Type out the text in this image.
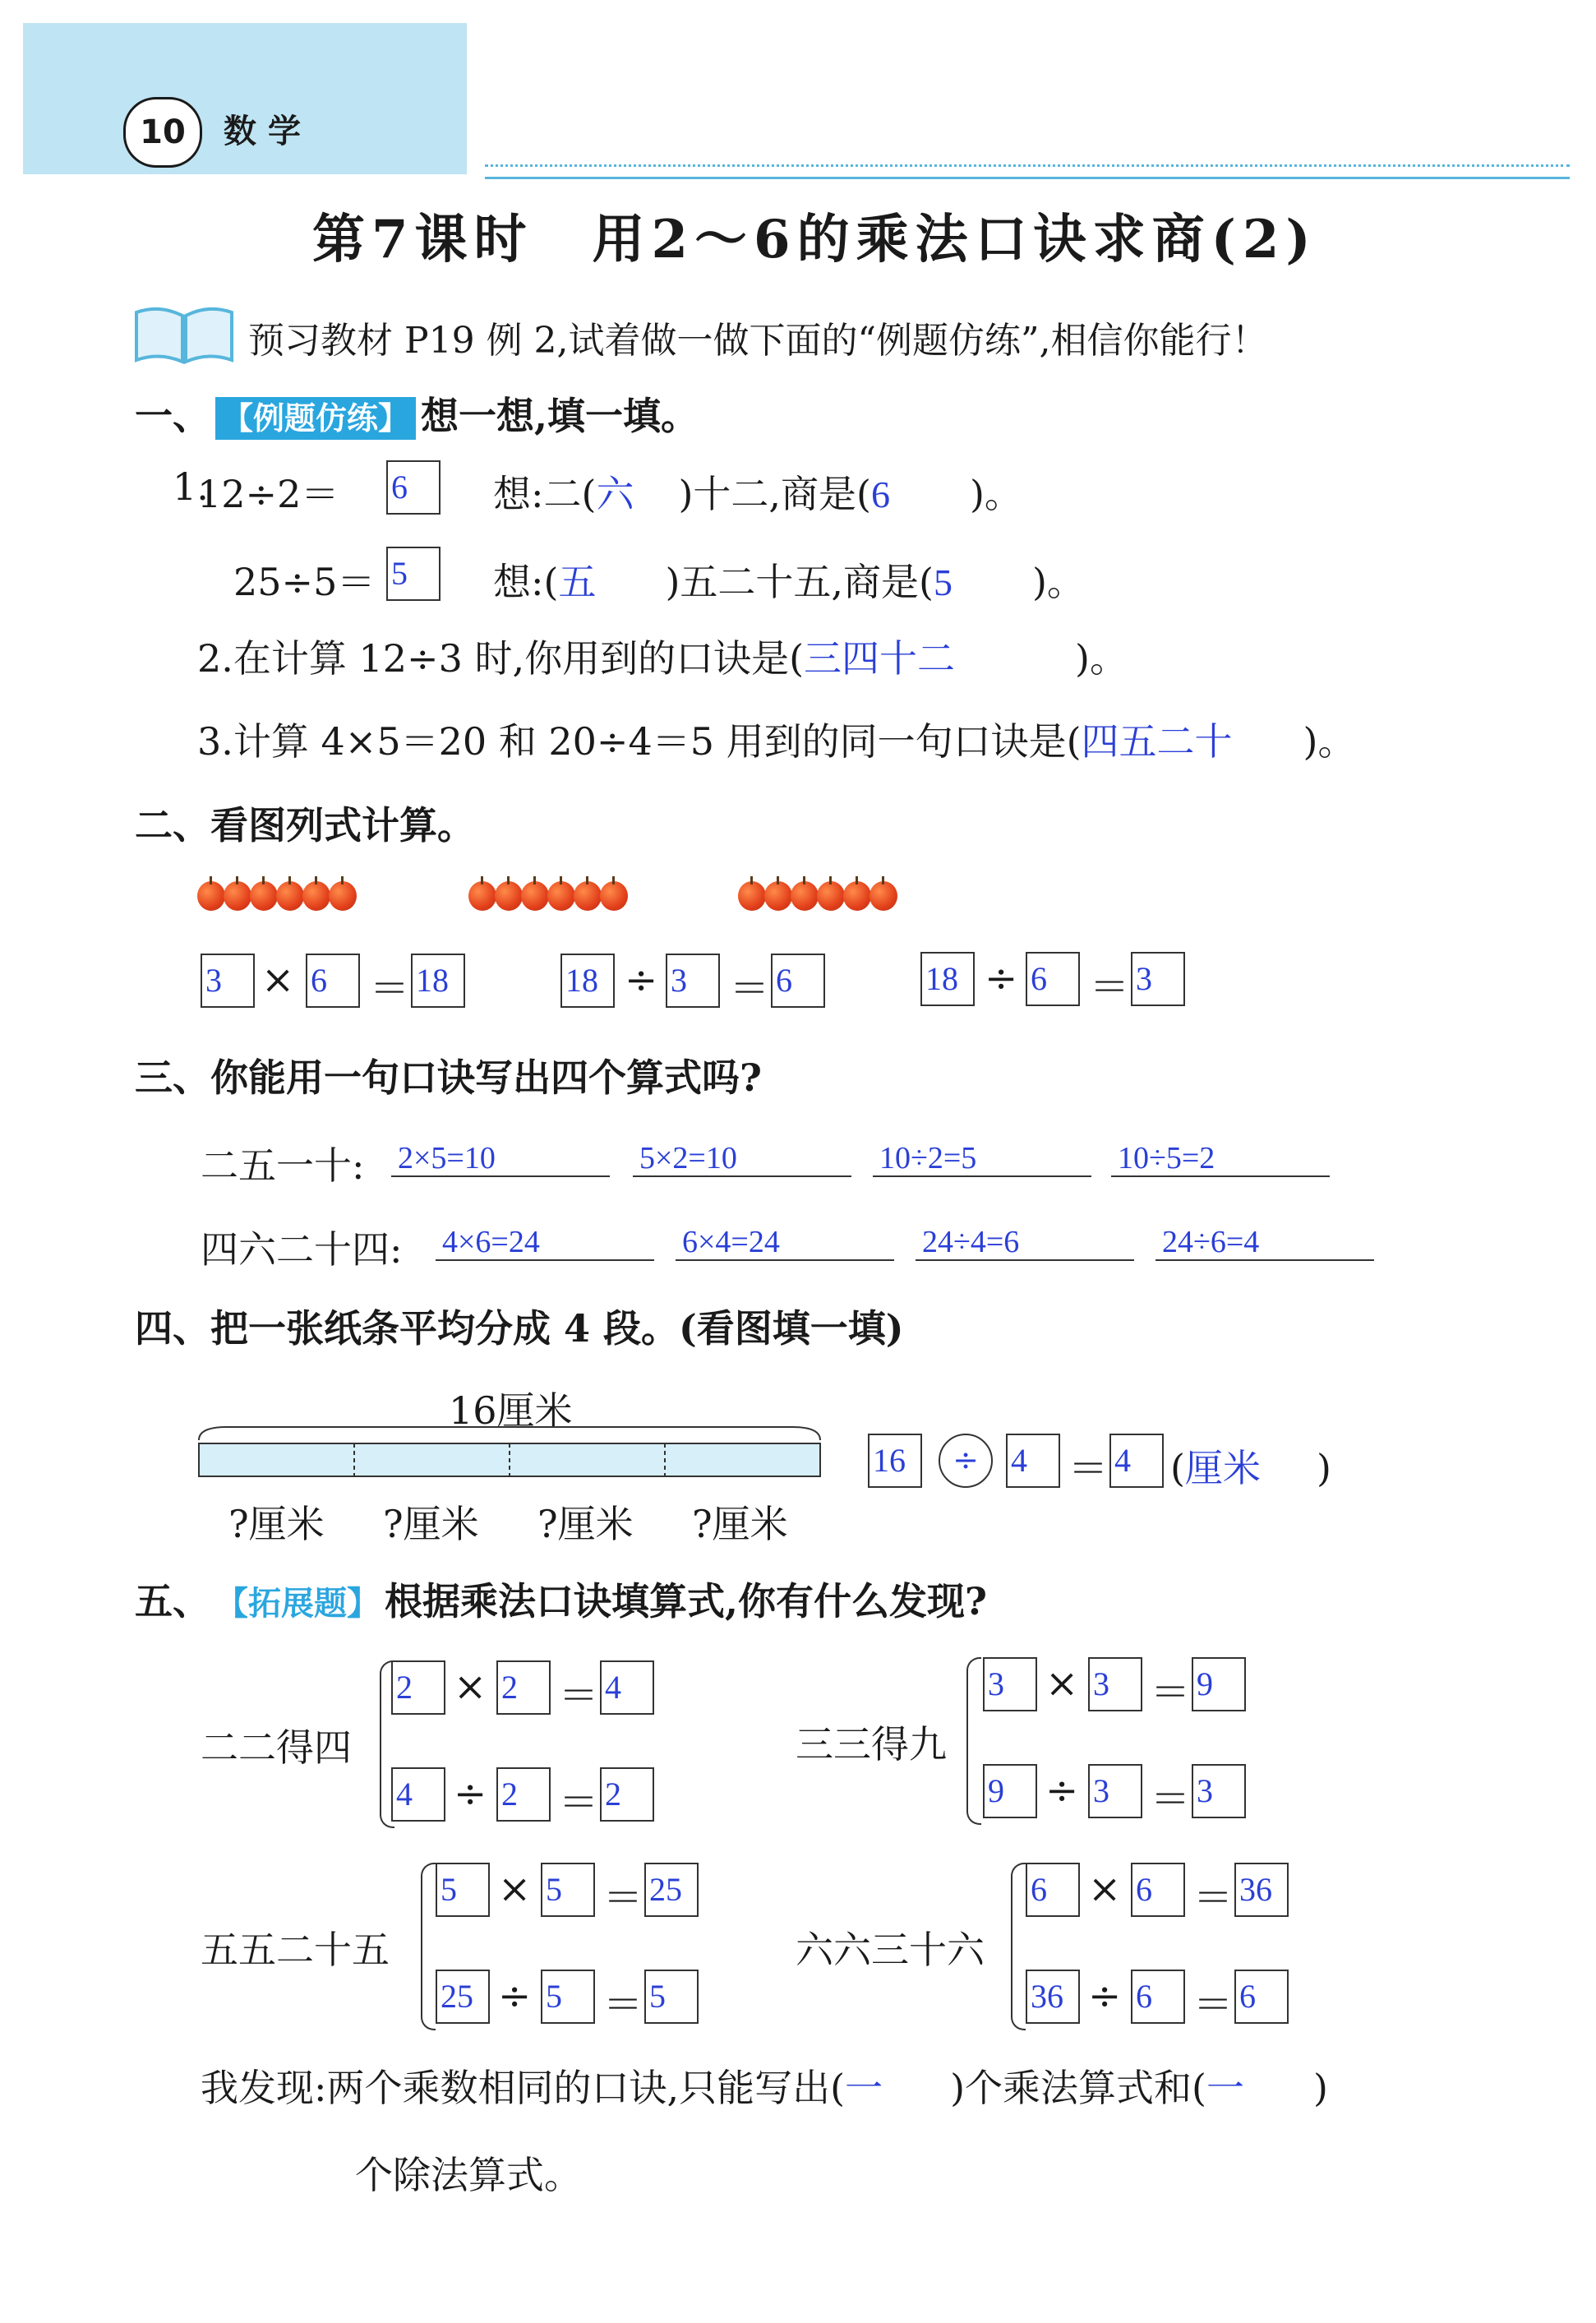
10	数学
第7课时　用2～6的乘法口诀求商(2)
预习教材 P19 例 2,试着做一做下面的“例题仿练”,相信你能行！
一、 【例题仿练】 想一想,填一填。
12÷2＝
1.	6	想:二(六 )十二,商是(6 )。
25÷5＝ 5	想:(五 )五二十五,商是(5 )。
2.在计算 12÷3 时,你用到的口诀是(三四十二	)。
3.计算 4×5＝20 和 20÷4＝5 用到的同一句口诀是(四五二十 )。
二、看图列式计算。
3	× 6	＝ 18	18 ÷ 3	＝ 6	18 ÷ 6	＝ 3
三、你能用一句口诀写出四个算式吗?
二五一十: 2×5=10	5×2=10	10÷2=5	10÷5=2
四六二十四: 4×6=24	6×4=24	24÷4=6	24÷6=4
四、把一张纸条平均分成 4 段。(看图填一填)
16厘米
?厘米 ?厘米 ?厘米 ?厘米
16	÷ 4	＝ 4	(厘米 )
五、 【拓展题】 根据乘法口诀填算式,你有什么发现?
二二得四
2	× 2	＝ 4
4	÷ 2	＝ 2
三三得九
3	× 3	＝ 9
9	÷ 3	＝ 3
五五二十五
5	× 5	＝ 25
25 ÷ 5	＝ 5
六六三十六
6	× 6	＝ 36
36 ÷ 6	＝ 6
我发现:两个乘数相同的口诀,只能写出(一 )个乘法算式和(一 )
个除法算式。
